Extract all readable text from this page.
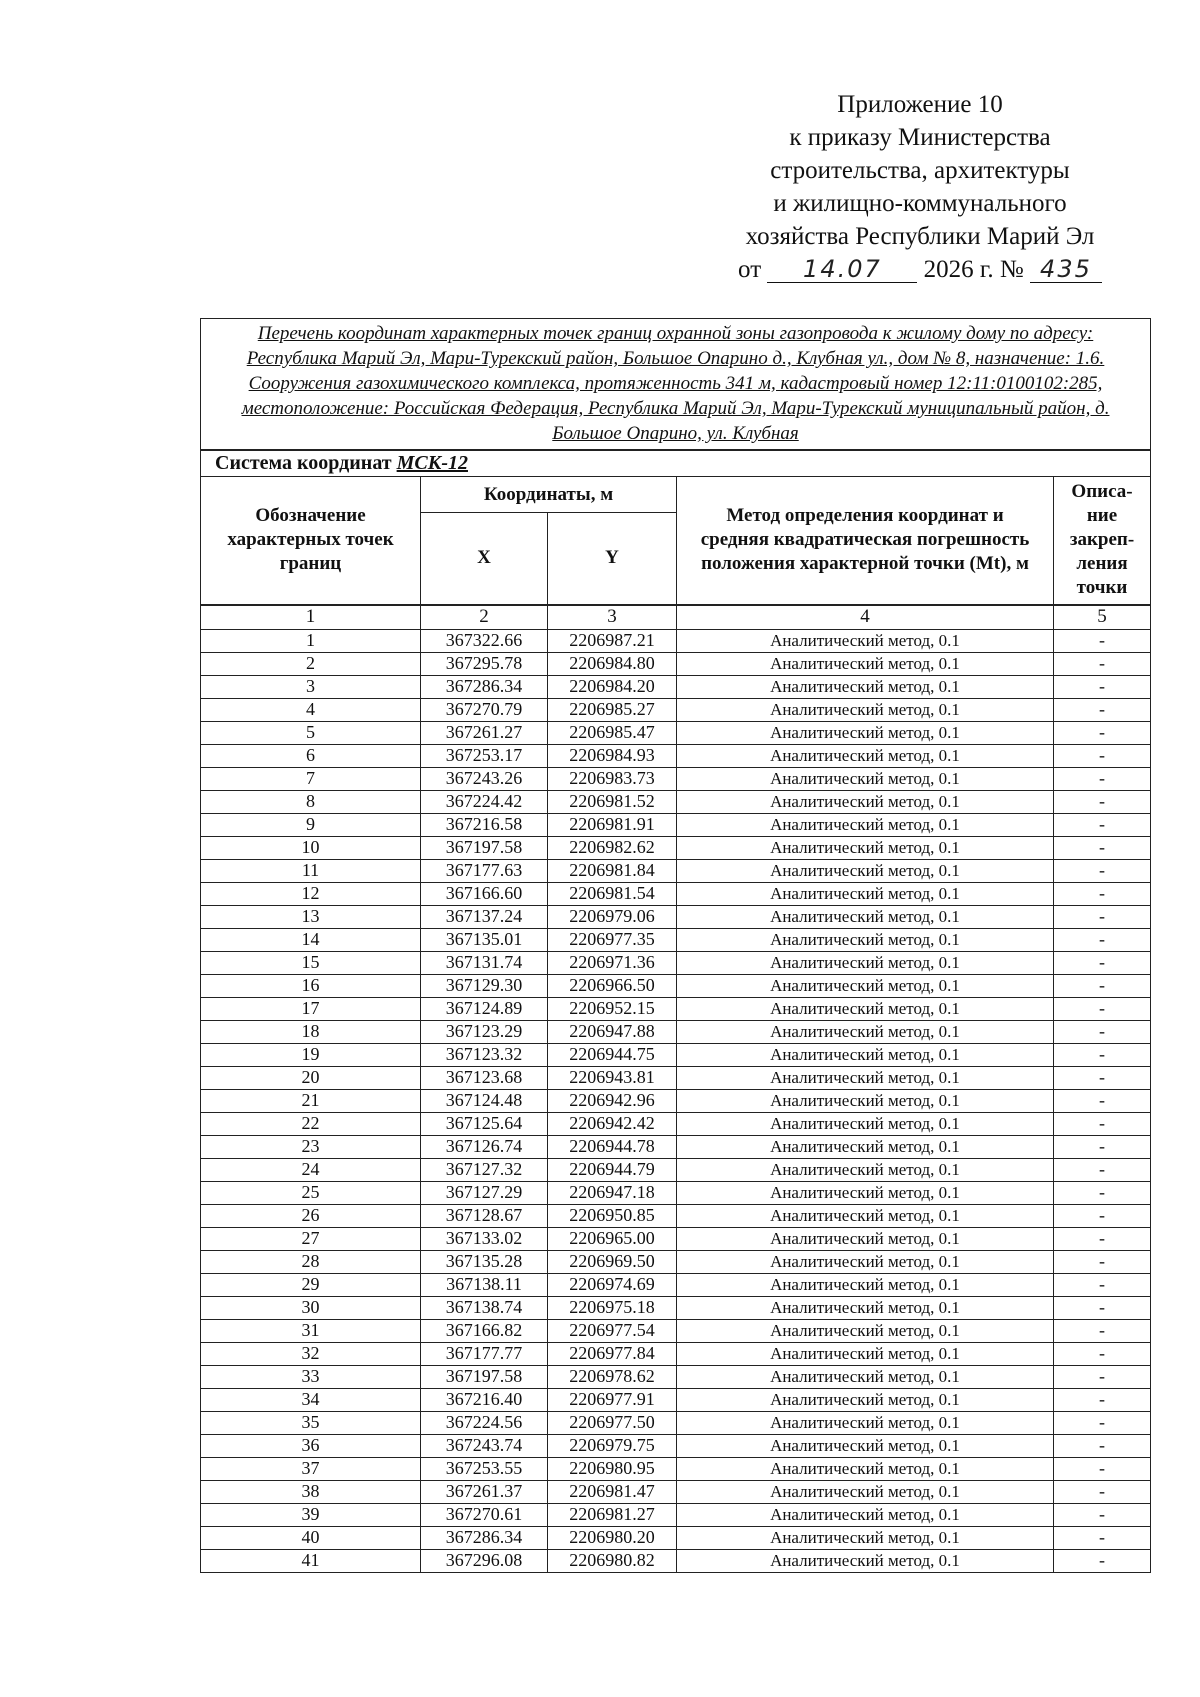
Приложение 10
к приказу Министерства
строительства, архитектуры
и жилищно-коммунального
хозяйства Республики Марий Эл
от 14.07 2026 г. № 435
Перечень координат характерных точек границ охранной зоны газопровода к жилому дому по адресу: Республика Марий Эл, Мари-Турекский район, Большое Опарино д., Клубная ул., дом № 8, назначение: 1.6. Сооружения газохимического комплекса, протяженность 341 м, кадастровый номер 12:11:0100102:285, местоположение: Российская Федерация, Республика Марий Эл, Мари-Турекский муниципальный район, д. Большое Опарино, ул. Клубная				
Система координат МСК-12				
Обозначение характерных точек границ	Координаты, м		Метод определения координат и средняя квадратическая погрешность положения характерной точки (Mt), м	Описа-ние закреп-ления точки
	X	Y		
1	2	3	4	5
1	367322.66	2206987.21	Аналитический метод, 0.1	-
2	367295.78	2206984.80	Аналитический метод, 0.1	-
3	367286.34	2206984.20	Аналитический метод, 0.1	-
4	367270.79	2206985.27	Аналитический метод, 0.1	-
5	367261.27	2206985.47	Аналитический метод, 0.1	-
6	367253.17	2206984.93	Аналитический метод, 0.1	-
7	367243.26	2206983.73	Аналитический метод, 0.1	-
8	367224.42	2206981.52	Аналитический метод, 0.1	-
9	367216.58	2206981.91	Аналитический метод, 0.1	-
10	367197.58	2206982.62	Аналитический метод, 0.1	-
11	367177.63	2206981.84	Аналитический метод, 0.1	-
12	367166.60	2206981.54	Аналитический метод, 0.1	-
13	367137.24	2206979.06	Аналитический метод, 0.1	-
14	367135.01	2206977.35	Аналитический метод, 0.1	-
15	367131.74	2206971.36	Аналитический метод, 0.1	-
16	367129.30	2206966.50	Аналитический метод, 0.1	-
17	367124.89	2206952.15	Аналитический метод, 0.1	-
18	367123.29	2206947.88	Аналитический метод, 0.1	-
19	367123.32	2206944.75	Аналитический метод, 0.1	-
20	367123.68	2206943.81	Аналитический метод, 0.1	-
21	367124.48	2206942.96	Аналитический метод, 0.1	-
22	367125.64	2206942.42	Аналитический метод, 0.1	-
23	367126.74	2206944.78	Аналитический метод, 0.1	-
24	367127.32	2206944.79	Аналитический метод, 0.1	-
25	367127.29	2206947.18	Аналитический метод, 0.1	-
26	367128.67	2206950.85	Аналитический метод, 0.1	-
27	367133.02	2206965.00	Аналитический метод, 0.1	-
28	367135.28	2206969.50	Аналитический метод, 0.1	-
29	367138.11	2206974.69	Аналитический метод, 0.1	-
30	367138.74	2206975.18	Аналитический метод, 0.1	-
31	367166.82	2206977.54	Аналитический метод, 0.1	-
32	367177.77	2206977.84	Аналитический метод, 0.1	-
33	367197.58	2206978.62	Аналитический метод, 0.1	-
34	367216.40	2206977.91	Аналитический метод, 0.1	-
35	367224.56	2206977.50	Аналитический метод, 0.1	-
36	367243.74	2206979.75	Аналитический метод, 0.1	-
37	367253.55	2206980.95	Аналитический метод, 0.1	-
38	367261.37	2206981.47	Аналитический метод, 0.1	-
39	367270.61	2206981.27	Аналитический метод, 0.1	-
40	367286.34	2206980.20	Аналитический метод, 0.1	-
41	367296.08	2206980.82	Аналитический метод, 0.1	-
